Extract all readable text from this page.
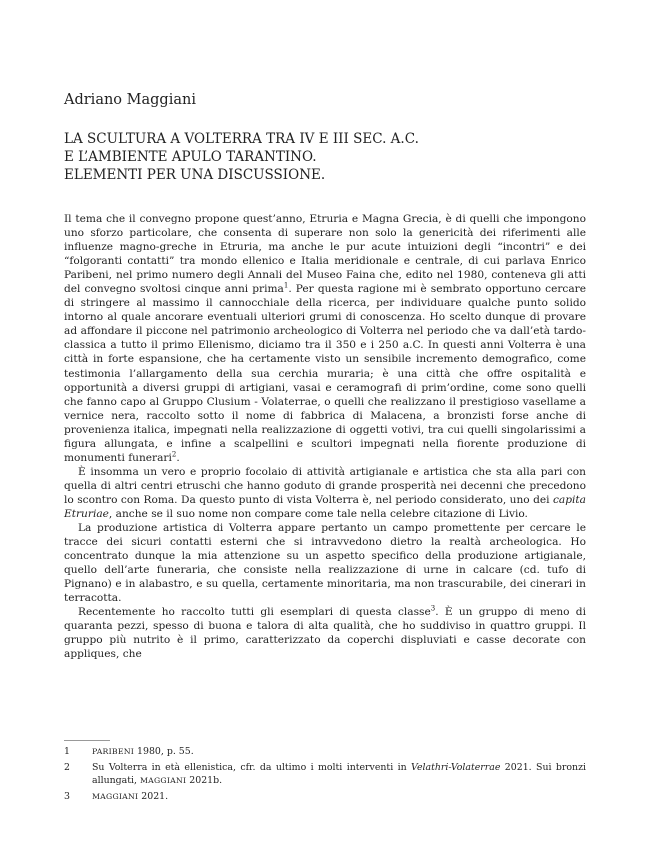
Adriano Maggiani
LA SCULTURA A VOLTERRA TRA IV E III SEC. A.C.
E L’AMBIENTE APULO TARANTINO.
ELEMENTI PER UNA DISCUSSIONE.

Il tema che il convegno propone quest’anno, Etruria e Magna Grecia, è di quelli che impongono uno sforzo particolare, che consenta di superare non solo la genericità dei riferimenti alle influenze magno-greche in Etruria, ma anche le pur acute intuizioni degli “incontri” e dei “folgoranti contatti” tra mondo ellenico e Italia meridionale e centrale, di cui parlava Enrico Paribeni, nel primo numero degli Annali del Museo Faina che, edito nel 1980, conteneva gli atti del convegno svoltosi cinque anni prima$^1$. Per questa ragione mi è sembrato opportuno cercare di stringere al massimo il cannocchiale della ricerca, per individuare qualche punto solido intorno al quale ancorare eventuali ulteriori grumi di conoscenza. Ho scelto dunque di provare ad affondare il piccone nel patrimonio archeologico di Volterra nel periodo che va dall’età tardo-classica a tutto il primo Ellenismo, diciamo tra il 350 e i 250 a.C. In questi anni Volterra è una città in forte espansione, che ha certamente visto un sensibile incremento demografico, come testimonia l’allargamento della sua cerchia muraria; è una città che offre ospitalità e opportunità a diversi gruppi di artigiani, vasai e ceramografi di prim’ordine, come sono quelli che fanno capo al Gruppo Clusium - Volaterrae, o quelli che realizzano il prestigioso vasellame a vernice nera, raccolto sotto il nome di fabbrica di Malacena, a bronzisti forse anche di provenienza italica, impegnati nella realizzazione di oggetti votivi, tra cui quelli singolarissimi a figura allungata, e infine a scalpellini e scultori impegnati nella fiorente produzione di monumenti funerari$^2$.

È insomma un vero e proprio focolaio di attività artigianale e artistica che sta alla pari con quella di altri centri etruschi che hanno goduto di grande prosperità nei decenni che precedono lo scontro con Roma. Da questo punto di vista Volterra è, nel periodo considerato, uno dei capita Etruriae, anche se il suo nome non compare come tale nella celebre citazione di Livio.

La produzione artistica di Volterra appare pertanto un campo promettente per cercare le tracce dei sicuri contatti esterni che si intravvedono dietro la realtà archeologica. Ho concentrato dunque la mia attenzione su un aspetto specifico della produzione artigianale, quello dell’arte funeraria, che consiste nella realizzazione di urne in calcare (cd. tufo di Pignano) e in alabastro, e su quella, certamente minoritaria, ma non trascurabile, dei cinerari in terracotta.

Recentemente ho raccolto tutti gli esemplari di questa classe$^3$. È un gruppo di meno di quaranta pezzi, spesso di buona e talora di alta qualità, che ho suddiviso in quattro gruppi. Il gruppo più nutrito è il primo, caratterizzato da coperchi displuviati e casse decorate con appliques, che

1	PARIBENI 1980, p. 55.
2	Su Volterra in età ellenistica, cfr. da ultimo i molti interventi in Velathri-Volaterrae 2021. Sui bronzi allungati, MAGGIANI 2021b.
3	MAGGIANI 2021.
